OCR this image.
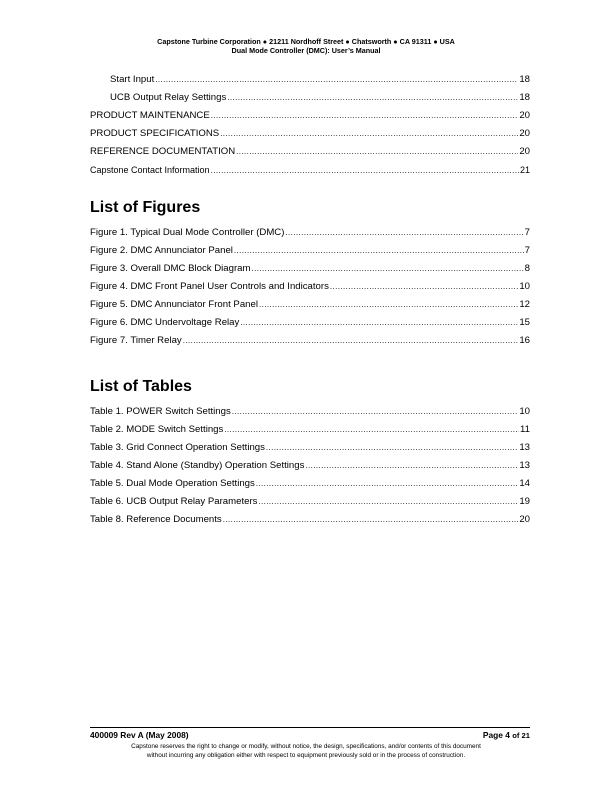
Capstone Turbine Corporation ● 21211 Nordhoff Street ● Chatsworth ● CA 91311 ● USA
Dual Mode Controller (DMC): User’s Manual
Start Input .....	18
UCB Output Relay Settings .....	18
PRODUCT MAINTENANCE .....	20
PRODUCT SPECIFICATIONS .....	20
REFERENCE DOCUMENTATION .....	20
Capstone Contact Information .....	21
List of Figures
Figure 1. Typical Dual Mode Controller (DMC) .....	7
Figure 2. DMC Annunciator Panel .....	7
Figure 3. Overall DMC Block Diagram .....	8
Figure 4. DMC Front Panel User Controls and Indicators .....	10
Figure 5. DMC Annunciator Front Panel .....	12
Figure 6. DMC Undervoltage Relay .....	15
Figure 7. Timer Relay .....	16
List of Tables
Table 1. POWER Switch Settings .....	10
Table 2. MODE Switch Settings .....	11
Table 3. Grid Connect Operation Settings .....	13
Table 4. Stand Alone (Standby) Operation Settings .....	13
Table 5. Dual Mode Operation Settings .....	14
Table 6. UCB Output Relay Parameters .....	19
Table 8. Reference Documents .....	20
400009 Rev A (May 2008)	Page 4 of 21
Capstone reserves the right to change or modify, without notice, the design, specifications, and/or contents of this document
without incurring any obligation either with respect to equipment previously sold or in the process of construction.
